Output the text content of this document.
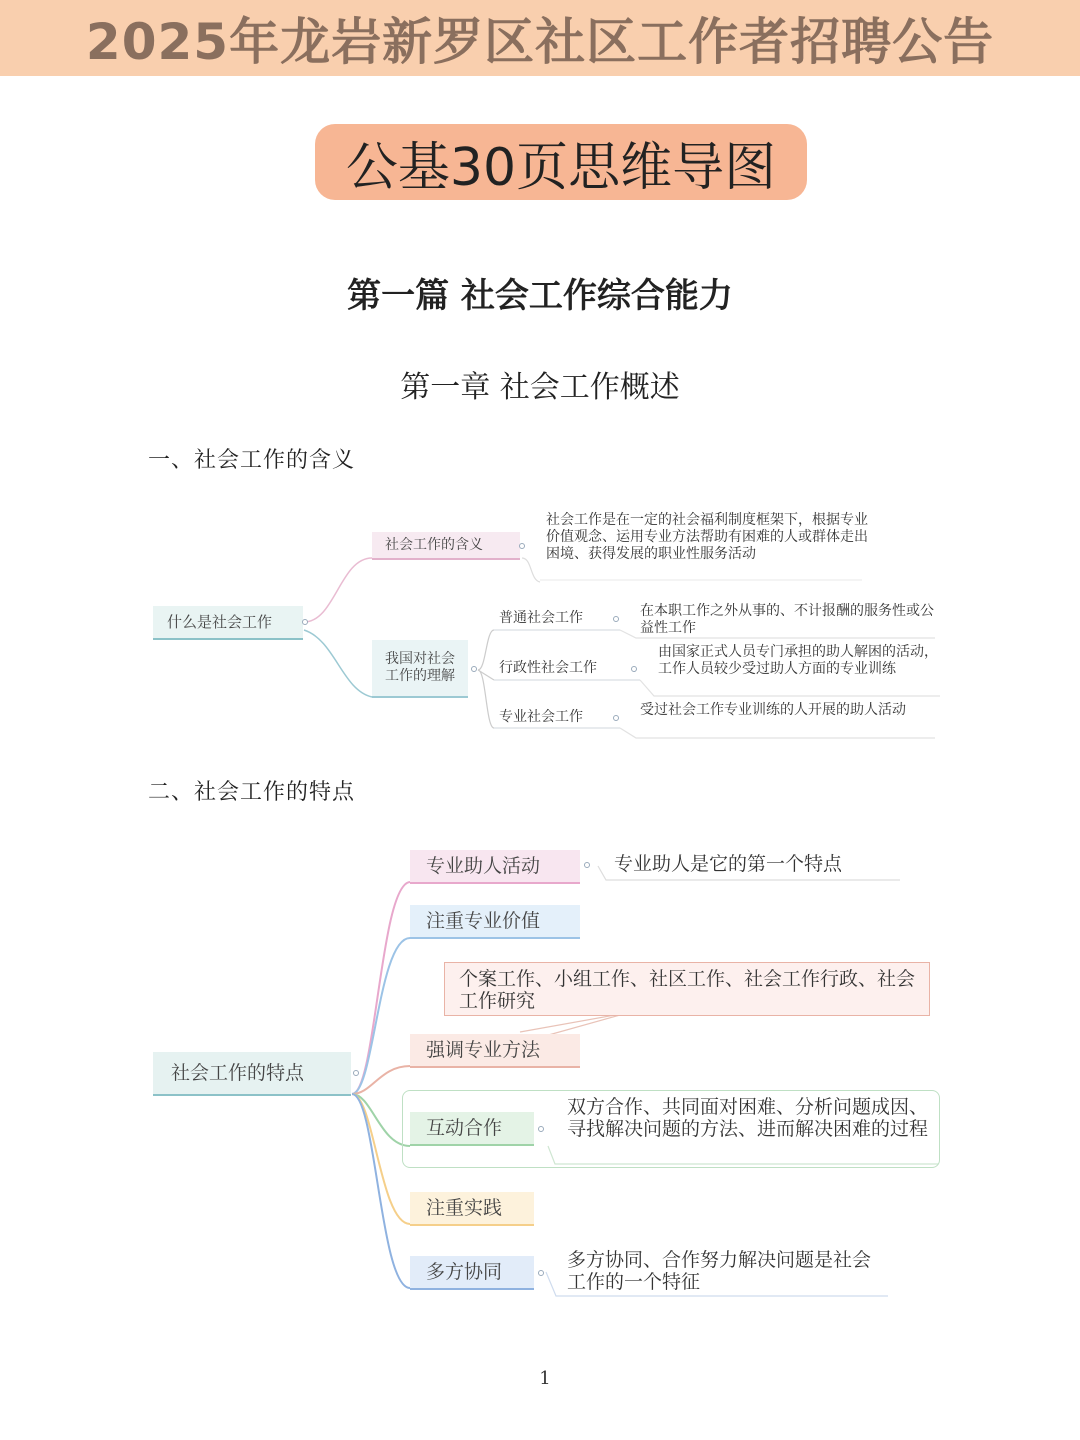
2025年龙岩新罗区社区工作者招聘公告
公基30页思维导图
第一篇 社会工作综合能力
第一章 社会工作概述
一、社会工作的含义
什么是社会工作
社会工作的含义
社会工作是在一定的社会福利制度框架下，根据专业价值观念、运用专业方法帮助有困难的人或群体走出困境、获得发展的职业性服务活动
我国对社会工作的理解
普通社会工作	在本职工作之外从事的、不计报酬的服务性或公益性工作
行政性社会工作
由国家正式人员专门承担的助人解困的活动，工作人员较少受过助人方面的专业训练
专业社会工作	受过社会工作专业训练的人开展的助人活动
二、社会工作的特点
社会工作的特点
专业助人活动	专业助人是它的第一个特点
注重专业价值
个案工作、小组工作、社区工作、社会工作行政、社会工作研究
强调专业方法
互动合作
双方合作、共同面对困难、分析问题成因、寻找解决问题的方法、进而解决困难的过程
注重实践
多方协同
多方协同、合作努力解决问题是社会工作的一个特征
1
